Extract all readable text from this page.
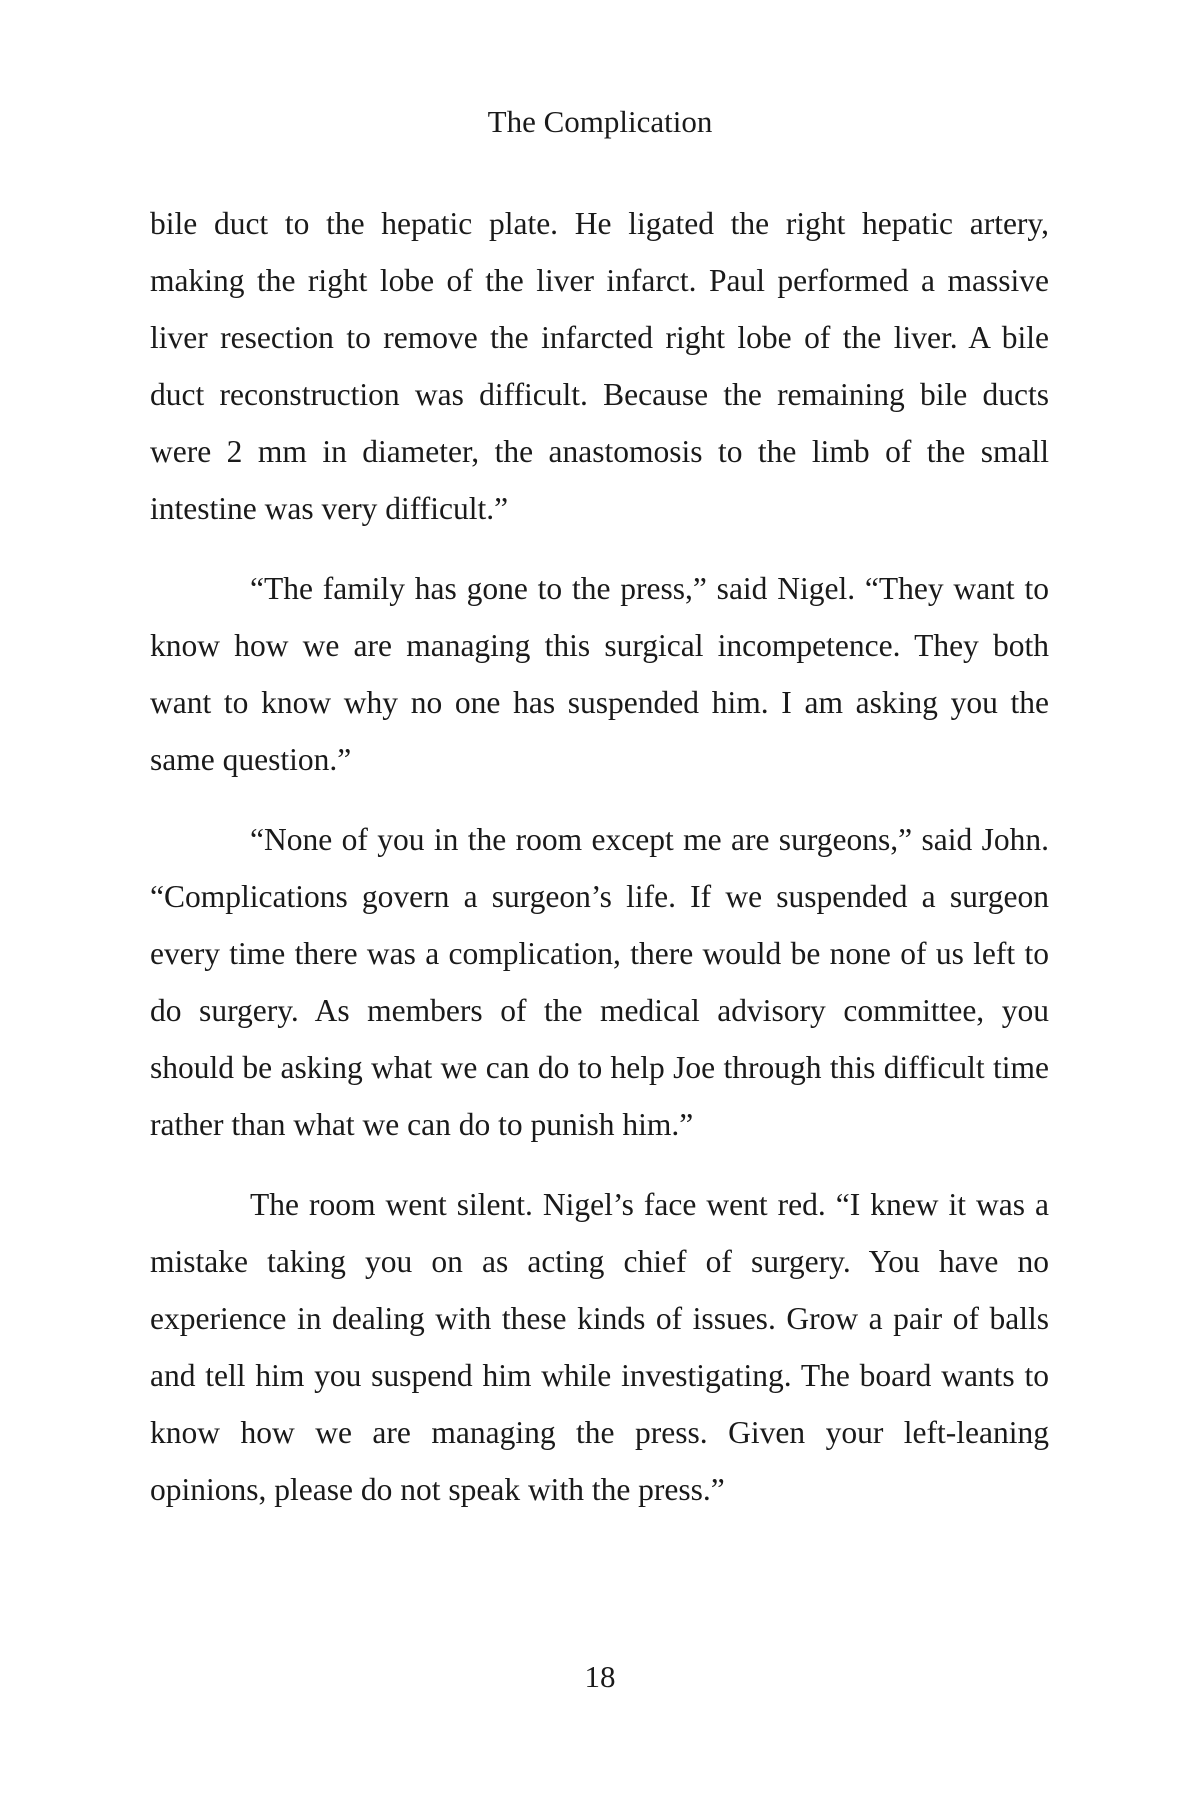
The Complication

bile duct to the hepatic plate. He ligated the right hepatic artery, making the right lobe of the liver infarct. Paul performed a massive liver resection to remove the infarcted right lobe of the liver. A bile duct reconstruction was difficult. Because the remaining bile ducts were 2 mm in diameter, the anastomosis to the limb of the small intestine was very difficult.”

“The family has gone to the press,” said Nigel. “They want to know how we are managing this surgical incompetence. They both want to know why no one has suspended him. I am asking you the same question.”

“None of you in the room except me are surgeons,” said John. “Complications govern a surgeon’s life. If we suspended a surgeon every time there was a complication, there would be none of us left to do surgery. As members of the medical advisory committee, you should be asking what we can do to help Joe through this difficult time rather than what we can do to punish him.”

The room went silent. Nigel’s face went red. “I knew it was a mistake taking you on as acting chief of surgery. You have no experience in dealing with these kinds of issues. Grow a pair of balls and tell him you suspend him while investigating. The board wants to know how we are managing the press. Given your left-leaning opinions, please do not speak with the press.”

18
